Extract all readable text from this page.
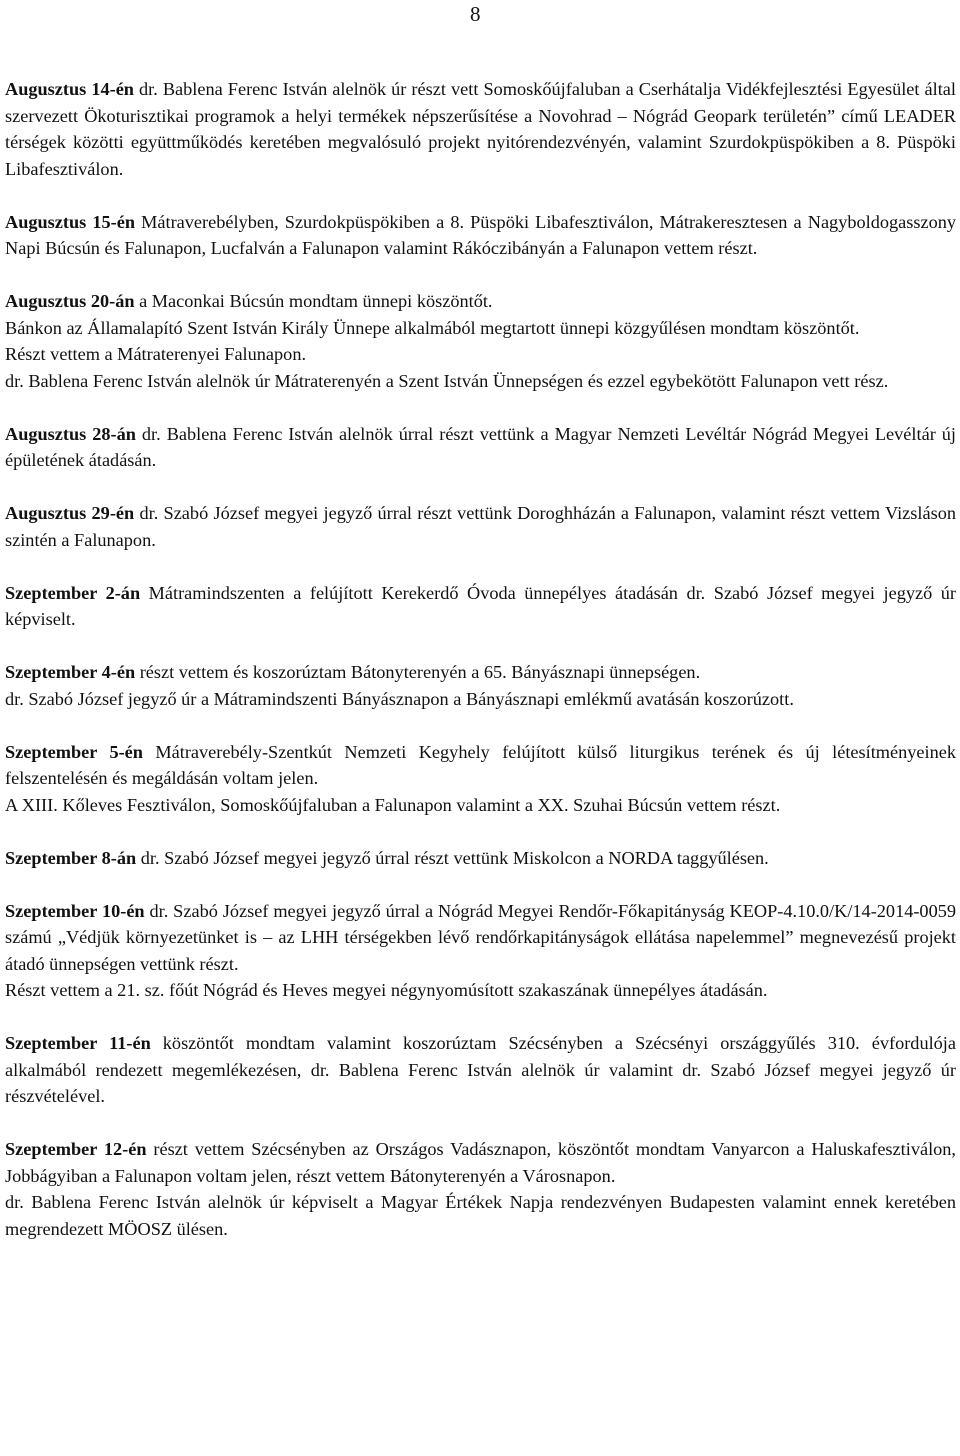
8
Augusztus 14-én dr. Bablena Ferenc István alelnök úr részt vett Somoskőújfaluban a Cserhátalja Vidékfejlesztési Egyesület által szervezett Ökoturisztikai programok a helyi termékek népszerűsítése a Novohrad – Nógrád Geopark területén” című LEADER térségek közötti együttműködés keretében megvalósuló projekt nyitórendezvényén, valamint Szurdokpüspökiben a 8. Püspöki Libafesztiválon.
Augusztus 15-én Mátraverebélyben, Szurdokpüspökiben a 8. Püspöki Libafesztiválon, Mátrakeresztesen a Nagyboldogasszony Napi Búcsún és Falunapon, Lucfalván a Falunapon valamint Rákóczibányán a Falunapon vettem részt.
Augusztus 20-án a Maconkai Búcsún mondtam ünnepi köszöntőt.
Bánkon az Államalapító Szent István Király Ünnepe alkalmából megtartott ünnepi közgyűlésen mondtam köszöntőt.
Részt vettem a Mátraterenyei Falunapon.
dr. Bablena Ferenc István alelnök úr Mátraterenyén a Szent István Ünnepségen és ezzel egybekötött Falunapon vett rész.
Augusztus 28-án dr. Bablena Ferenc István alelnök úrral részt vettünk a Magyar Nemzeti Levéltár Nógrád Megyei Levéltár új épületének átadásán.
Augusztus 29-én dr. Szabó József megyei jegyző úrral részt vettünk Doroghházán a Falunapon, valamint részt vettem Vizsláson szintén a Falunapon.
Szeptember 2-án Mátramindszenten a felújított Kerekerdő Óvoda ünnepélyes átadásán dr. Szabó József megyei jegyző úr képviselt.
Szeptember 4-én részt vettem és koszorúztam Bátonyterenyén a 65. Bányásznapi ünnepségen.
dr. Szabó József jegyző úr a Mátramindszenti Bányásznapon a Bányásznapi emlékmű avatásán koszorúzott.
Szeptember 5-én Mátraverebély-Szentkút Nemzeti Kegyhely felújított külső liturgikus terének és új létesítményeinek felszentelésén és megáldásán voltam jelen.
A XIII. Kőleves Fesztiválon, Somoskőújfaluban a Falunapon valamint a XX. Szuhai Búcsún vettem részt.
Szeptember 8-án dr. Szabó József megyei jegyző úrral részt vettünk Miskolcon a NORDA taggyűlésen.
Szeptember 10-én dr. Szabó József megyei jegyző úrral a Nógrád Megyei Rendőr-Főkapitányság KEOP-4.10.0/K/14-2014-0059 számú „Védjük környezetünket is – az LHH térségekben lévő rendőrkapitányságok ellátása napelemmel” megnevezésű projekt átadó ünnepségen vettünk részt.
Részt vettem a 21. sz. főút Nógrád és Heves megyei négynyomúsított szakaszának ünnepélyes átadásán.
Szeptember 11-én köszöntőt mondtam valamint koszorúztam Szécsényben a Szécsényi országgyűlés 310. évfordulója alkalmából rendezett megemlékezésen, dr. Bablena Ferenc István alelnök úr valamint dr. Szabó József megyei jegyző úr részvételével.
Szeptember 12-én részt vettem Szécsényben az Országos Vadásznapon, köszöntőt mondtam Vanyarcon a Haluskafesztiválon, Jobbágyiban a Falunapon voltam jelen, részt vettem Bátonyterenyén a Városnapon.
dr. Bablena Ferenc István alelnök úr képviselt a Magyar Értékek Napja rendezvényen Budapesten valamint ennek keretében megrendezett MÖOSZ ülésen.
